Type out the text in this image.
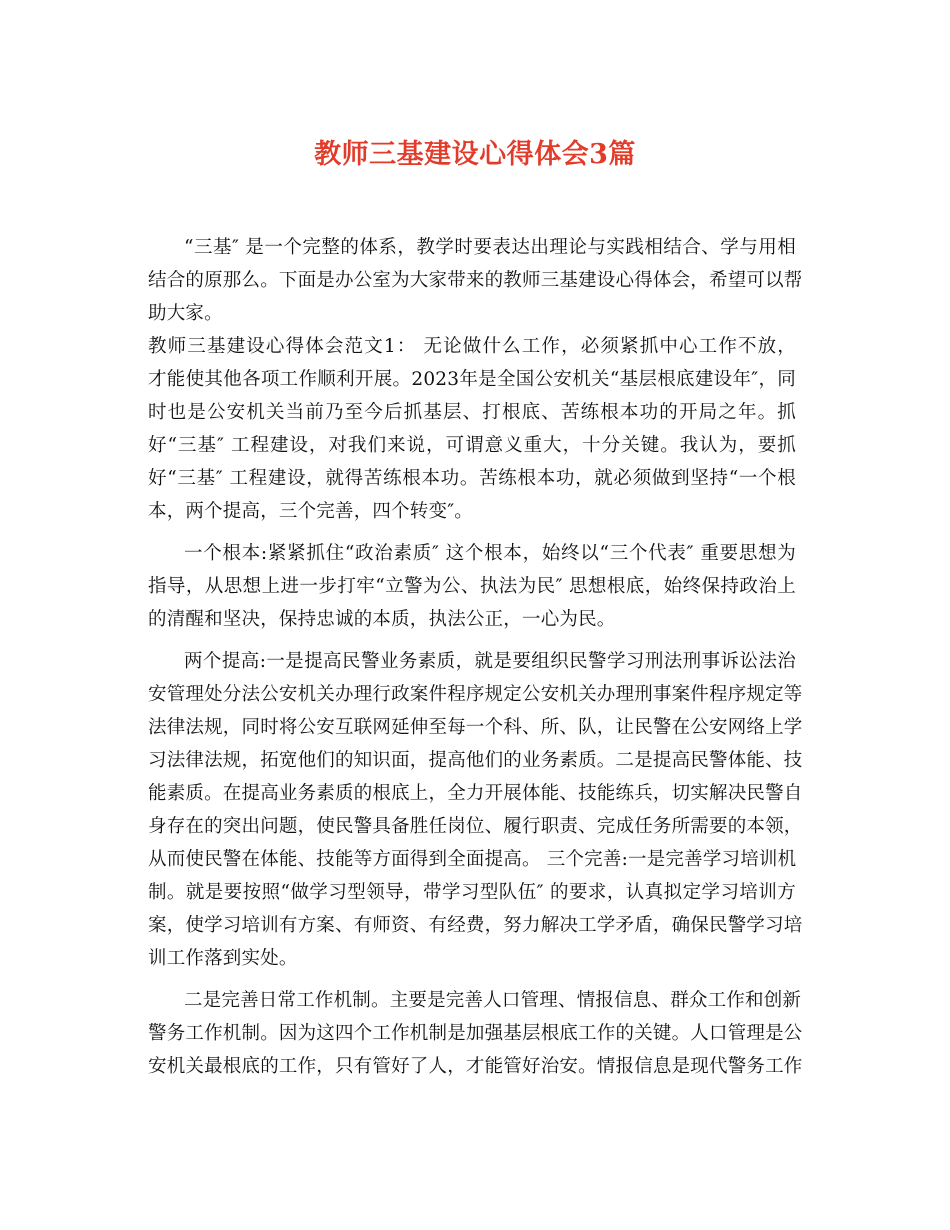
教师三基建设心得体会3篇
“三基″ 是一个完整的体系，教学时要表达出理论与实践相结合、学与用相
结合的原那么。下面是办公室为大家带来的教师三基建设心得体会，希望可以帮
助大家。
教师三基建设心得体会范文1： 无论做什么工作，必须紧抓中心工作不放，
才能使其他各项工作顺利开展。2023年是全国公安机关“基层根底建设年″，同
时也是公安机关当前乃至今后抓基层、打根底、苦练根本功的开局之年。抓
好“三基″ 工程建设，对我们来说，可谓意义重大，十分关键。我认为，要抓
好“三基″ 工程建设，就得苦练根本功。苦练根本功，就必须做到坚持“一个根
本，两个提高，三个完善，四个转变″。
一个根本:紧紧抓住“政治素质″ 这个根本，始终以“三个代表″ 重要思想为
指导，从思想上进一步打牢“立警为公、执法为民″ 思想根底，始终保持政治上
的清醒和坚决，保持忠诚的本质，执法公正，一心为民。
两个提高:一是提高民警业务素质，就是要组织民警学习刑法刑事诉讼法治
安管理处分法公安机关办理行政案件程序规定公安机关办理刑事案件程序规定等
法律法规，同时将公安互联网延伸至每一个科、所、队，让民警在公安网络上学
习法律法规，拓宽他们的知识面，提高他们的业务素质。二是提高民警体能、技
能素质。在提高业务素质的根底上，全力开展体能、技能练兵，切实解决民警自
身存在的突出问题，使民警具备胜任岗位、履行职责、完成任务所需要的本领，
从而使民警在体能、技能等方面得到全面提高。 三个完善:一是完善学习培训机
制。就是要按照“做学习型领导，带学习型队伍″ 的要求，认真拟定学习培训方
案，使学习培训有方案、有师资、有经费，努力解决工学矛盾，确保民警学习培
训工作落到实处。
二是完善日常工作机制。主要是完善人口管理、情报信息、群众工作和创新
警务工作机制。因为这四个工作机制是加强基层根底工作的关键。人口管理是公
安机关最根底的工作，只有管好了人，才能管好治安。情报信息是现代警务工作
